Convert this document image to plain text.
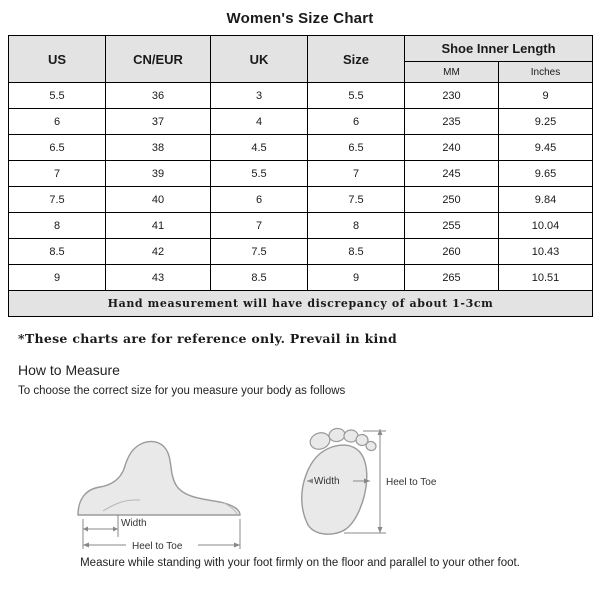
Women's Size Chart
US	CN/EUR	UK	Size	Shoe Inner Length	
				MM	Inches
5.5	36	3	5.5	230	9
6	37	4	6	235	9.25
6.5	38	4.5	6.5	240	9.45
7	39	5.5	7	245	9.65
7.5	40	6	7.5	250	9.84
8	41	7	8	255	10.04
8.5	42	7.5	8.5	260	10.43
9	43	8.5	9	265	10.51
Hand measurement will have discrepancy of about 1-3cm					
*These charts are for reference only. Prevail in kind
How to Measure
To choose the correct size for you measure your body as follows
Width
Heel to Toe
Width	Heel to Toe
Measure while standing with your foot firmly on the floor and parallel to your other foot.
